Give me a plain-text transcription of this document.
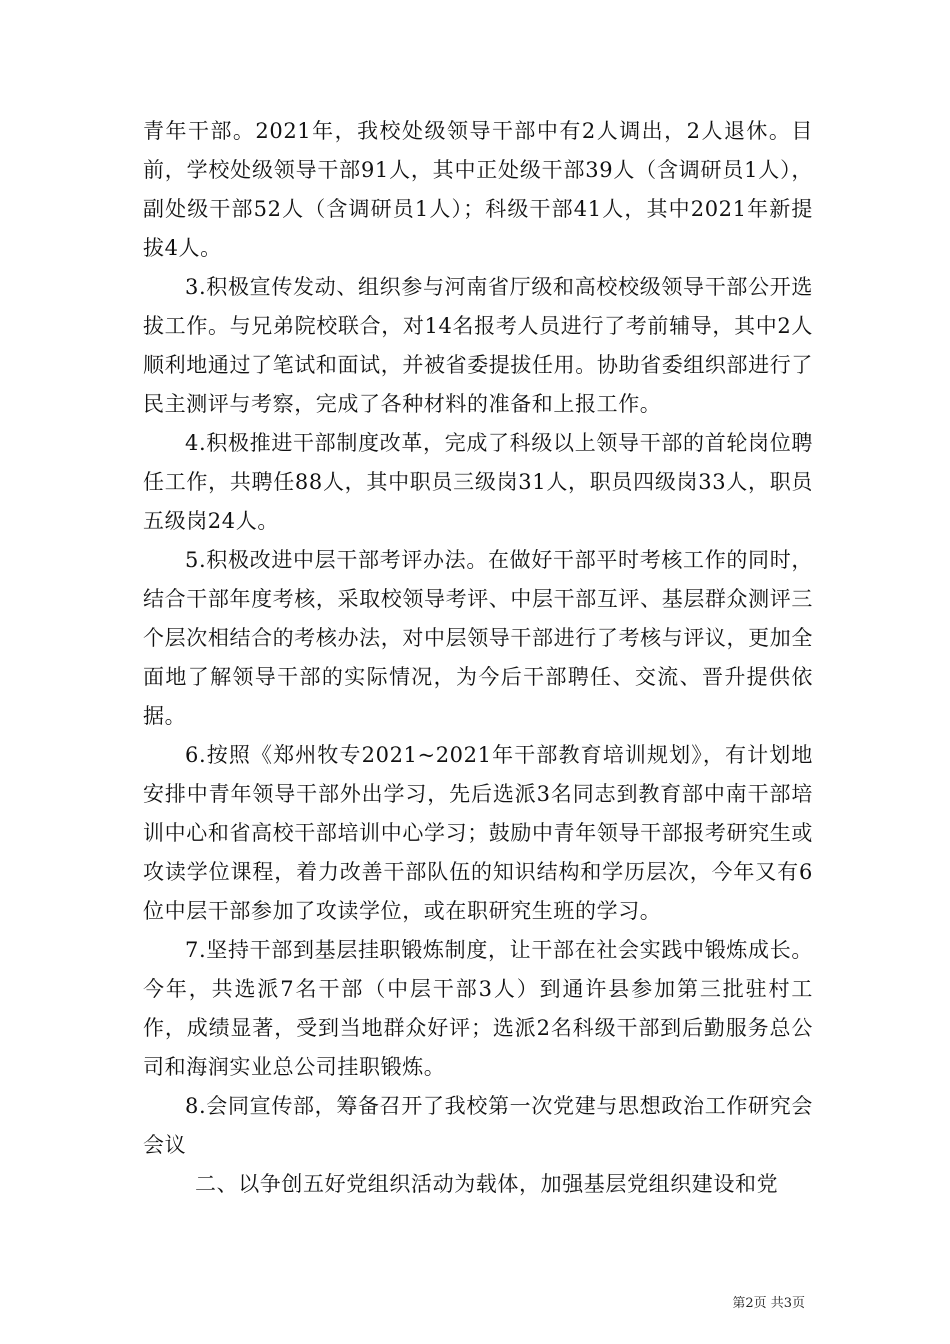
青年干部。2021年，我校处级领导干部中有2人调出，2人退休。目前，学校处级领导干部91人，其中正处级干部39人（含调研员1人），副处级干部52人（含调研员1人）；科级干部41人，其中2021年新提拔4人。

3.积极宣传发动、组织参与河南省厅级和高校校级领导干部公开选拔工作。与兄弟院校联合，对14名报考人员进行了考前辅导，其中2人顺利地通过了笔试和面试，并被省委提拔任用。协助省委组织部进行了民主测评与考察，完成了各种材料的准备和上报工作。

4.积极推进干部制度改革，完成了科级以上领导干部的首轮岗位聘任工作，共聘任88人，其中职员三级岗31人，职员四级岗33人，职员五级岗24人。

5.积极改进中层干部考评办法。在做好干部平时考核工作的同时，结合干部年度考核，采取校领导考评、中层干部互评、基层群众测评三个层次相结合的考核办法，对中层领导干部进行了考核与评议，更加全面地了解领导干部的实际情况，为今后干部聘任、交流、晋升提供依据。

6.按照《郑州牧专2021~2021年干部教育培训规划》，有计划地安排中青年领导干部外出学习，先后选派3名同志到教育部中南干部培训中心和省高校干部培训中心学习；鼓励中青年领导干部报考研究生或攻读学位课程，着力改善干部队伍的知识结构和学历层次，今年又有6位中层干部参加了攻读学位，或在职研究生班的学习。

7.坚持干部到基层挂职锻炼制度，让干部在社会实践中锻炼成长。今年，共选派7名干部（中层干部3人）到通许县参加第三批驻村工作，成绩显著，受到当地群众好评；选派2名科级干部到后勤服务总公司和海润实业总公司挂职锻炼。

8.会同宣传部，筹备召开了我校第一次党建与思想政治工作研究会会议

二、以争创五好党组织活动为载体，加强基层党组织建设和党

第2页 共3页
